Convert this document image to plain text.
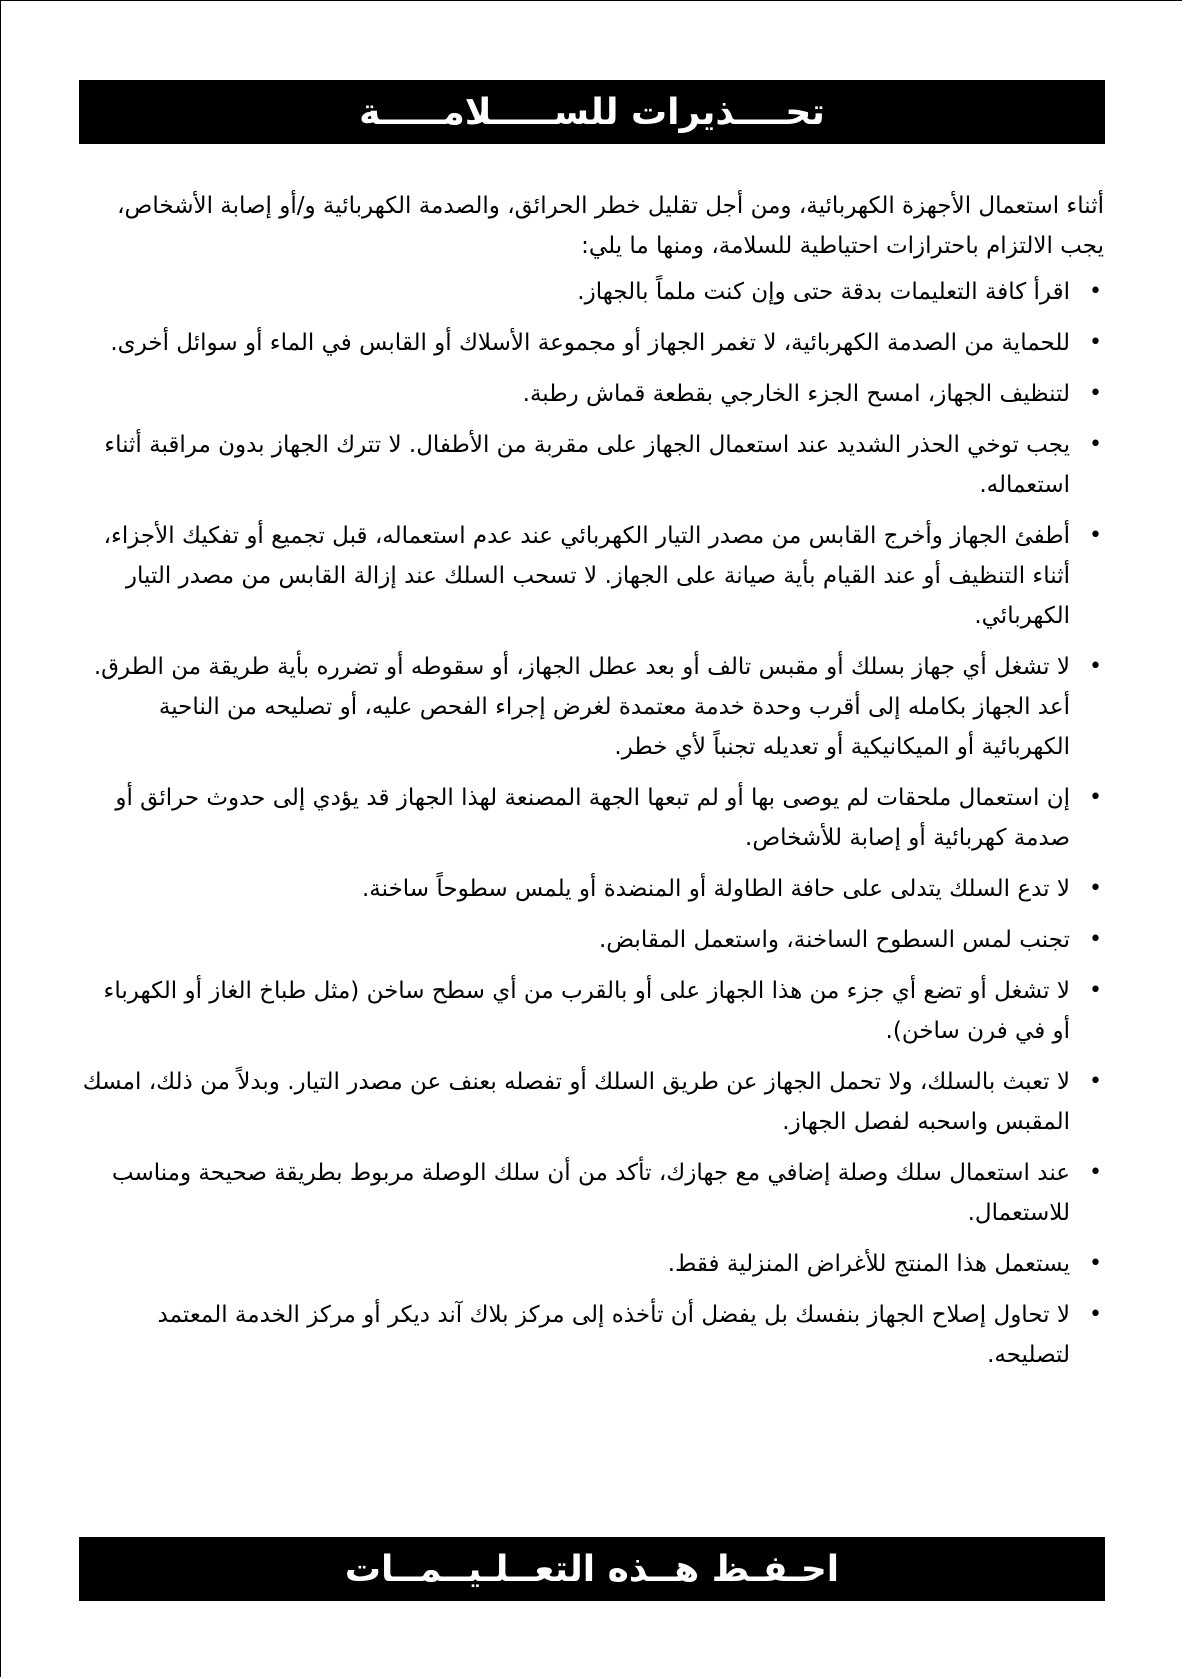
تحــــذيرات للســـــلامـــــة

أثناء استعمال الأجهزة الكهربائية، ومن أجل تقليل خطر الحرائق، والصدمة الكهربائية و/أو إصابة الأشخاص، يجب الالتزام باحترازات احتياطية للسلامة، ومنها ما يلي:

•
اقرأ كافة التعليمات بدقة حتى وإن كنت ملماً بالجهاز.
•
للحماية من الصدمة الكهربائية، لا تغمر الجهاز أو مجموعة الأسلاك أو القابس في الماء أو سوائل أخرى.
•
لتنظيف الجهاز، امسح الجزء الخارجي بقطعة قماش رطبة.
•
يجب توخي الحذر الشديد عند استعمال الجهاز على مقربة من الأطفال. لا تترك الجهاز بدون مراقبة أثناء استعماله.
•
أطفئ الجهاز وأخرج القابس من مصدر التيار الكهربائي عند عدم استعماله، قبل تجميع أو تفكيك الأجزاء، أثناء التنظيف أو عند القيام بأية صيانة على الجهاز. لا تسحب السلك عند إزالة القابس من مصدر التيار الكهربائي.
•
لا تشغل أي جهاز بسلك أو مقبس تالف أو بعد عطل الجهاز، أو سقوطه أو تضرره بأية طريقة من الطرق. أعد الجهاز بكامله إلى أقرب وحدة خدمة معتمدة لغرض إجراء الفحص عليه، أو تصليحه من الناحية الكهربائية أو الميكانيكية أو تعديله تجنباً لأي خطر.
•
إن استعمال ملحقات لم يوصى بها أو لم تبعها الجهة المصنعة لهذا الجهاز قد يؤدي إلى حدوث حرائق أو صدمة كهربائية أو إصابة للأشخاص.
•
لا تدع السلك يتدلى على حافة الطاولة أو المنضدة أو يلمس سطوحاً ساخنة.
•
تجنب لمس السطوح الساخنة، واستعمل المقابض.
•
لا تشغل أو تضع أي جزء من هذا الجهاز على أو بالقرب من أي سطح ساخن (مثل طباخ الغاز أو الكهرباء أو في فرن ساخن).
•
لا تعبث بالسلك، ولا تحمل الجهاز عن طريق السلك أو تفصله بعنف عن مصدر التيار. وبدلاً من ذلك، امسك المقبس واسحبه لفصل الجهاز.
•
عند استعمال سلك وصلة إضافي مع جهازك، تأكد من أن سلك الوصلة مربوط بطريقة صحيحة ومناسب للاستعمال.
•
يستعمل هذا المنتج للأغراض المنزلية فقط.
•
لا تحاول إصلاح الجهاز بنفسك بل يفضل أن تأخذه إلى مركز بلاك آند ديكر أو مركز الخدمة المعتمد لتصليحه.
احـفـظ هــذه التعــلـيــمــات
